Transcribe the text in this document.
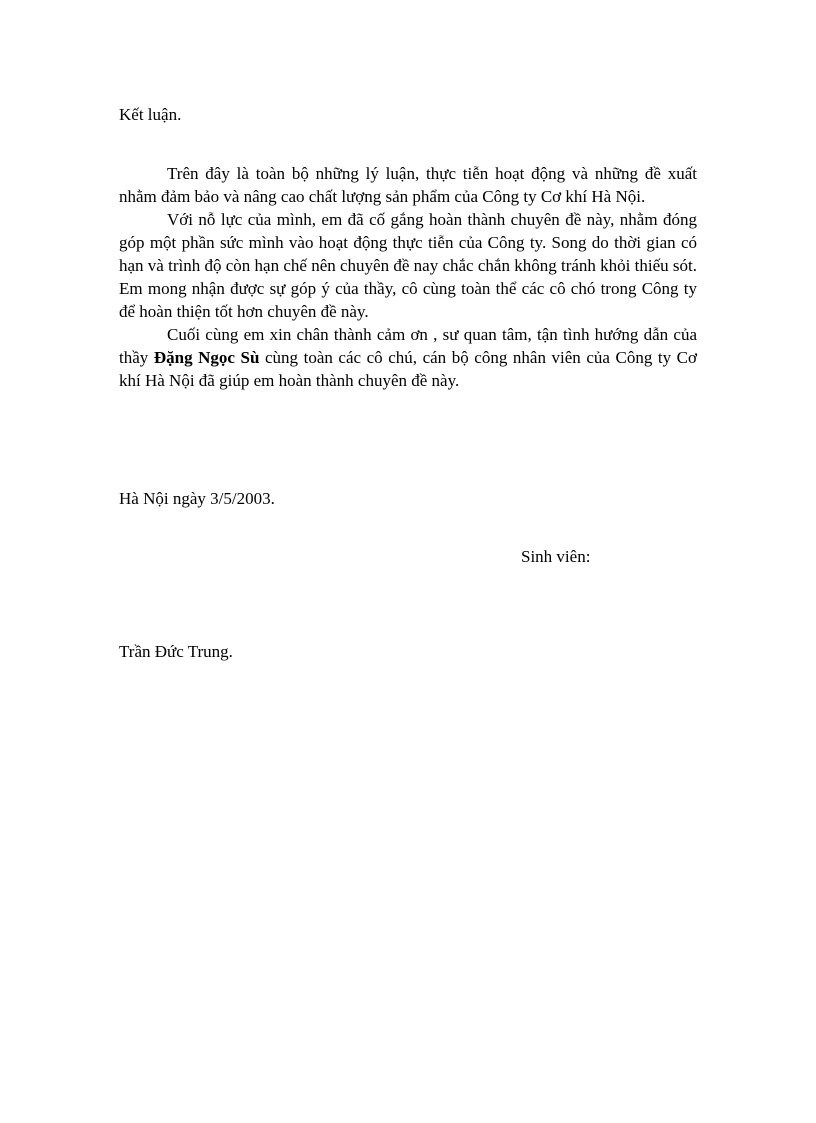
Kết luận.

Trên đây là toàn bộ những lý luận, thực tiễn hoạt động và những đề xuất nhằm đảm bảo và nâng cao chất lượng sản phẩm của Công ty Cơ khí Hà Nội.

Với nỗ lực của mình, em đã cố gắng hoàn thành chuyên đề này, nhằm đóng góp một phần sức mình vào hoạt động thực tiễn của Công ty. Song do thời gian có hạn và trình độ còn hạn chế nên chuyên đề nay chắc chắn không tránh khỏi thiếu sót. Em mong nhận được sự góp ý của thầy, cô cùng toàn thể các cô chó trong Công ty để hoàn thiện tốt hơn chuyên đề này.

Cuối cùng em xin chân thành cảm ơn , sư quan tâm, tận tình hướng dẫn của thầy Đặng Ngọc Sù cùng toàn các cô chú, cán bộ công nhân viên của Công ty Cơ khí Hà Nội đã giúp em hoàn thành chuyên đề này.

Hà Nội ngày 3/5/2003.
Sinh viên:
Trần Đức Trung.
